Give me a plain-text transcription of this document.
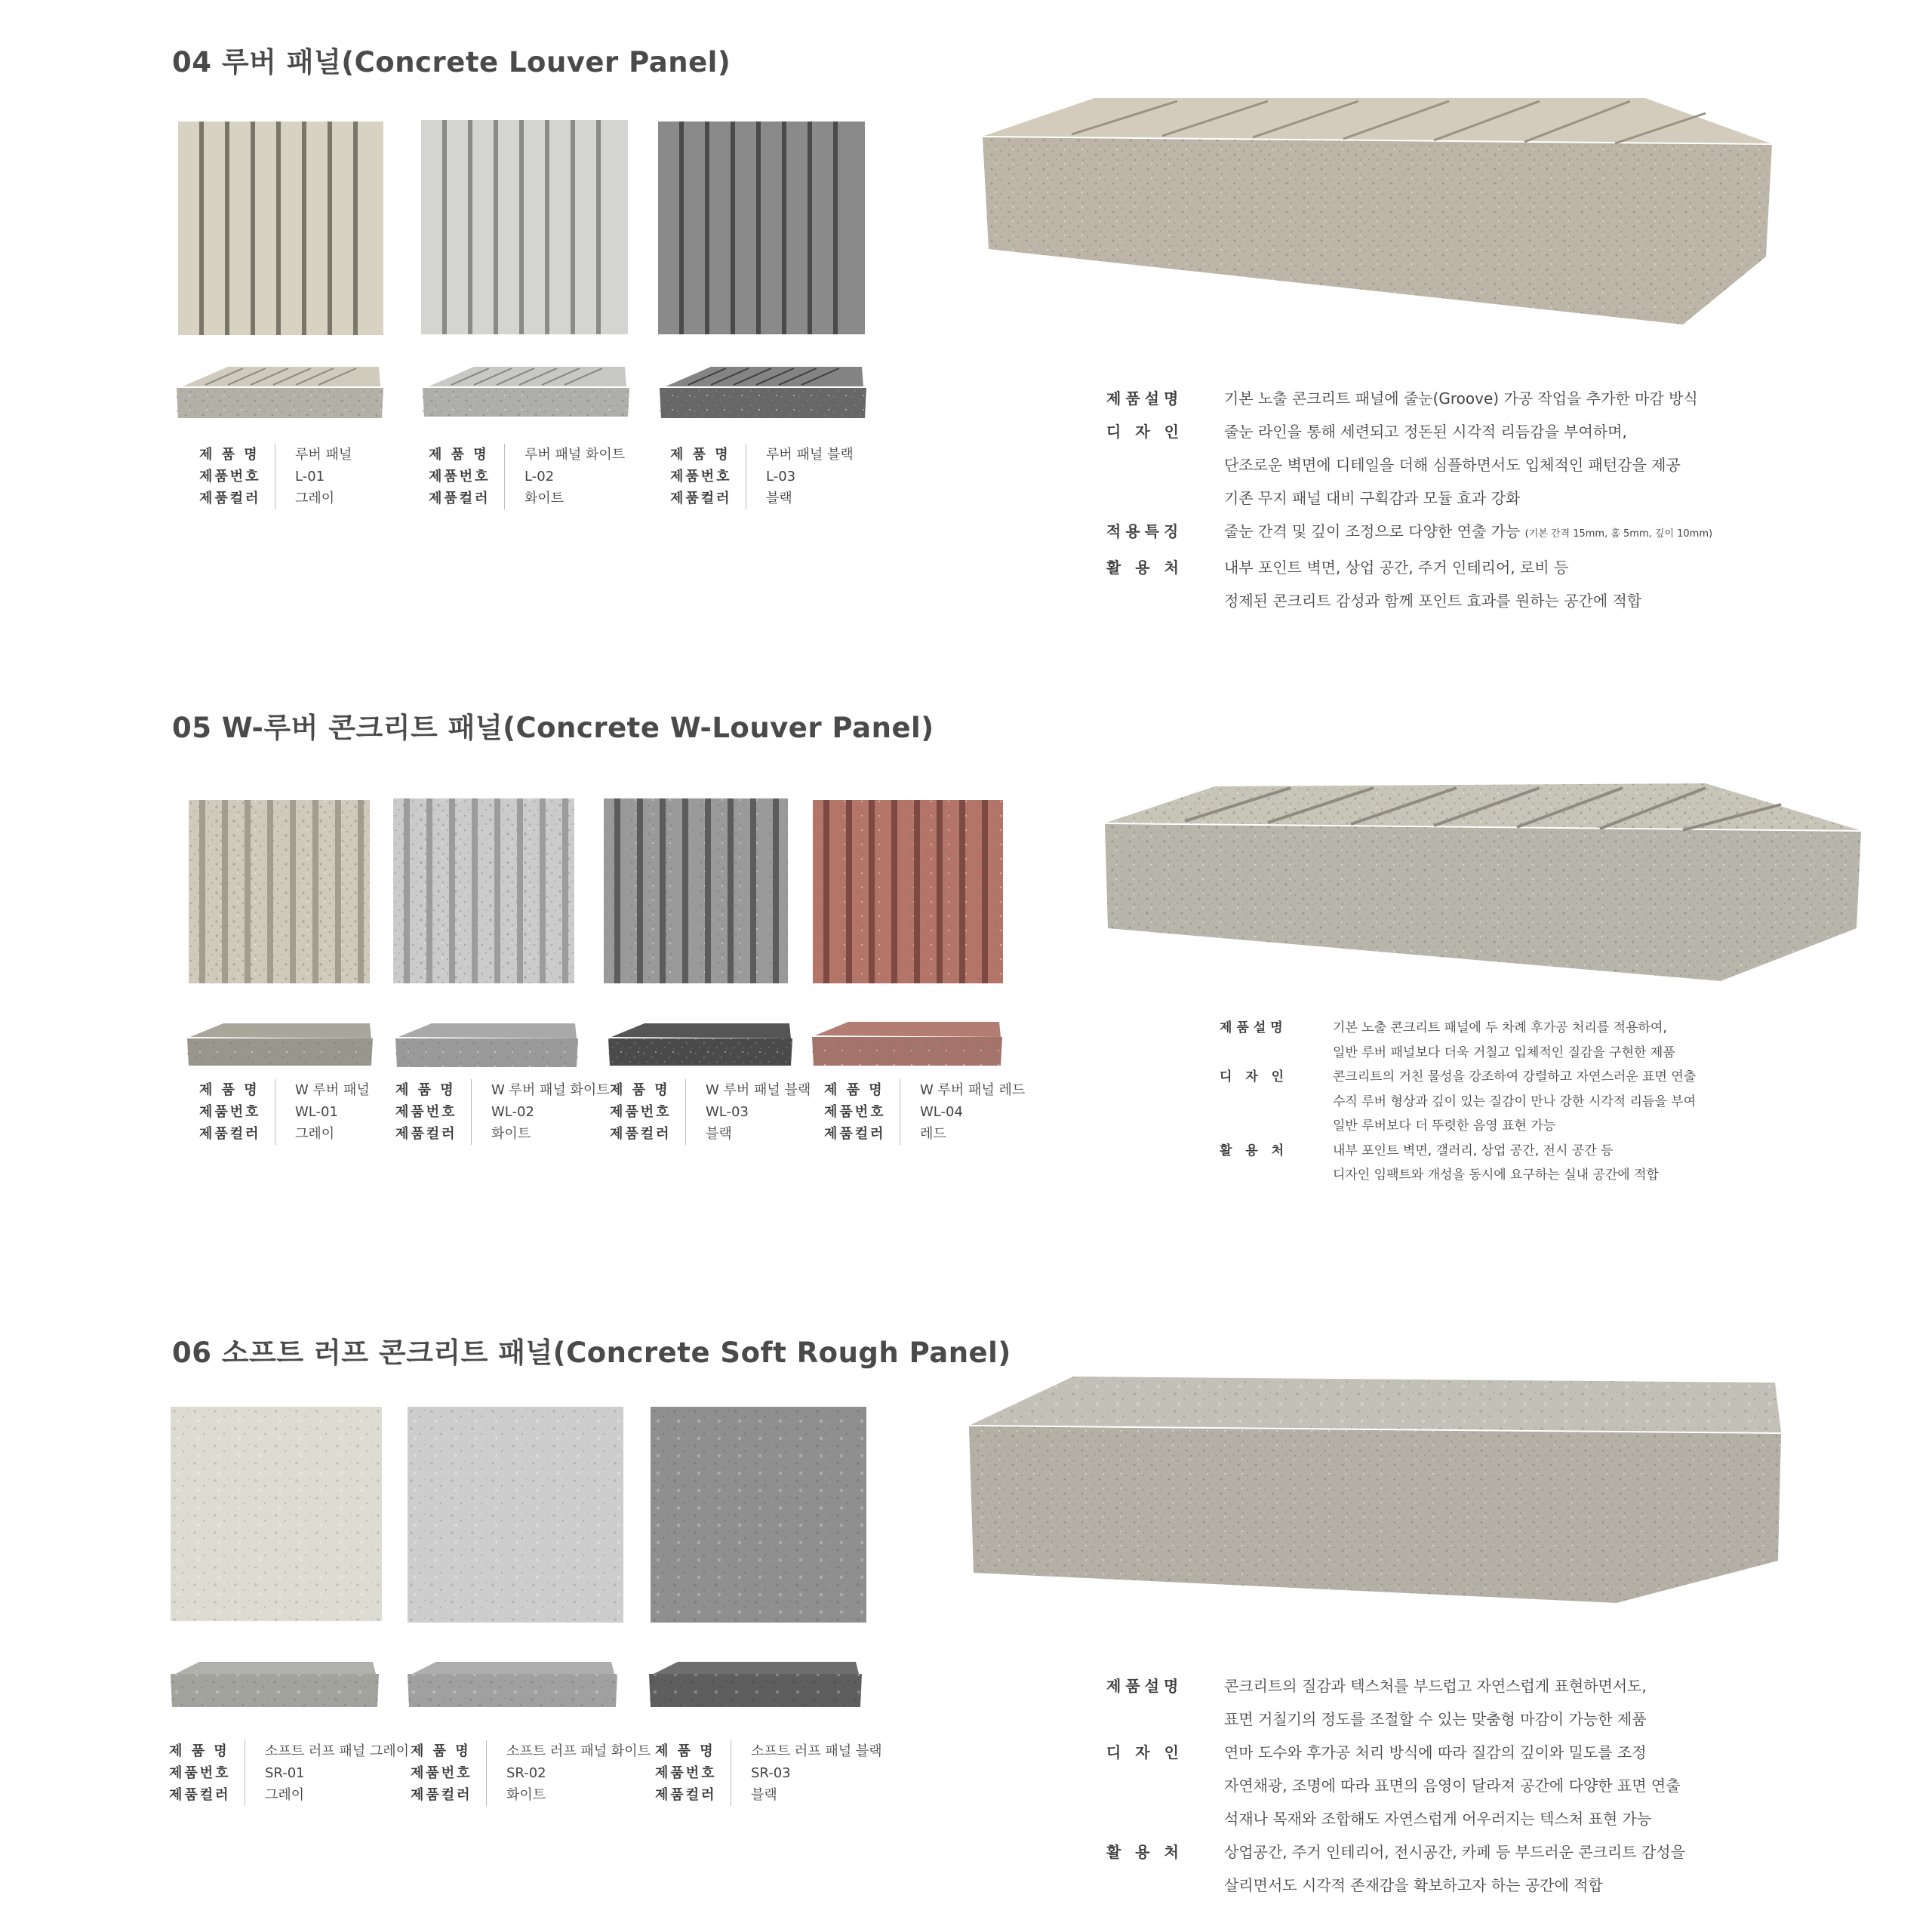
04 루버 패널(Concrete Louver Panel)
제 품 명	루버 패널
제품번호	L-01
제품컬러	그레이
제 품 명	루버 패널 화이트
제품번호	L-02
제품컬러	화이트
제 품 명	루버 패널 블랙
제품번호	L-03
제품컬러	블랙
제품설명	기본 노출 콘크리트 패널에 줄눈(Groove) 가공 작업을 추가한 마감 방식
디 자 인	줄눈 라인을 통해 세련되고 정돈된 시각적 리듬감을 부여하며,
단조로운 벽면에 디테일을 더해 심플하면서도 입체적인 패턴감을 제공
기존 무지 패널 대비 구획감과 모듈 효과 강화
적용특징	줄눈 간격 및 깊이 조정으로 다양한 연출 가능 (기본 간격 15mm, 홈 5mm, 깊이 10mm)
활 용 처	내부 포인트 벽면, 상업 공간, 주거 인테리어, 로비 등
정제된 콘크리트 감성과 함께 포인트 효과를 원하는 공간에 적합
05 W-루버 콘크리트 패널(Concrete W-Louver Panel)
제 품 명	W 루버 패널
제품번호	WL-01
제품컬러	그레이
제 품 명	W 루버 패널 화이트
제품번호	WL-02
제품컬러	화이트
제 품 명	W 루버 패널 블랙
제품번호	WL-03
제품컬러	블랙
제 품 명	W 루버 패널 레드
제품번호	WL-04
제품컬러	레드
제품설명	기본 노출 콘크리트 패널에 두 차례 후가공 처리를 적용하여,
일반 루버 패널보다 더욱 거칠고 입체적인 질감을 구현한 제품
디 자 인	콘크리트의 거친 물성을 강조하여 강렬하고 자연스러운 표면 연출
수직 루버 형상과 깊이 있는 질감이 만나 강한 시각적 리듬을 부여
일반 루버보다 더 뚜렷한 음영 표현 가능
활 용 처	내부 포인트 벽면, 갤러리, 상업 공간, 전시 공간 등
디자인 임팩트와 개성을 동시에 요구하는 실내 공간에 적합
06 소프트 러프 콘크리트 패널(Concrete Soft Rough Panel)
제 품 명	소프트 러프 패널 그레이
제품번호	SR-01
제품컬러	그레이
제 품 명	소프트 러프 패널 화이트
제품번호	SR-02
제품컬러	화이트
제 품 명	소프트 러프 패널 블랙
제품번호	SR-03
제품컬러	블랙
제품설명	콘크리트의 질감과 텍스처를 부드럽고 자연스럽게 표현하면서도,
표면 거칠기의 정도를 조절할 수 있는 맞춤형 마감이 가능한 제품
디 자 인	연마 도수와 후가공 처리 방식에 따라 질감의 깊이와 밀도를 조정
자연채광, 조명에 따라 표면의 음영이 달라져 공간에 다양한 표면 연출
석재나 목재와 조합해도 자연스럽게 어우러지는 텍스처 표현 가능
활 용 처	상업공간, 주거 인테리어, 전시공간, 카페 등 부드러운 콘크리트 감성을
살리면서도 시각적 존재감을 확보하고자 하는 공간에 적합
